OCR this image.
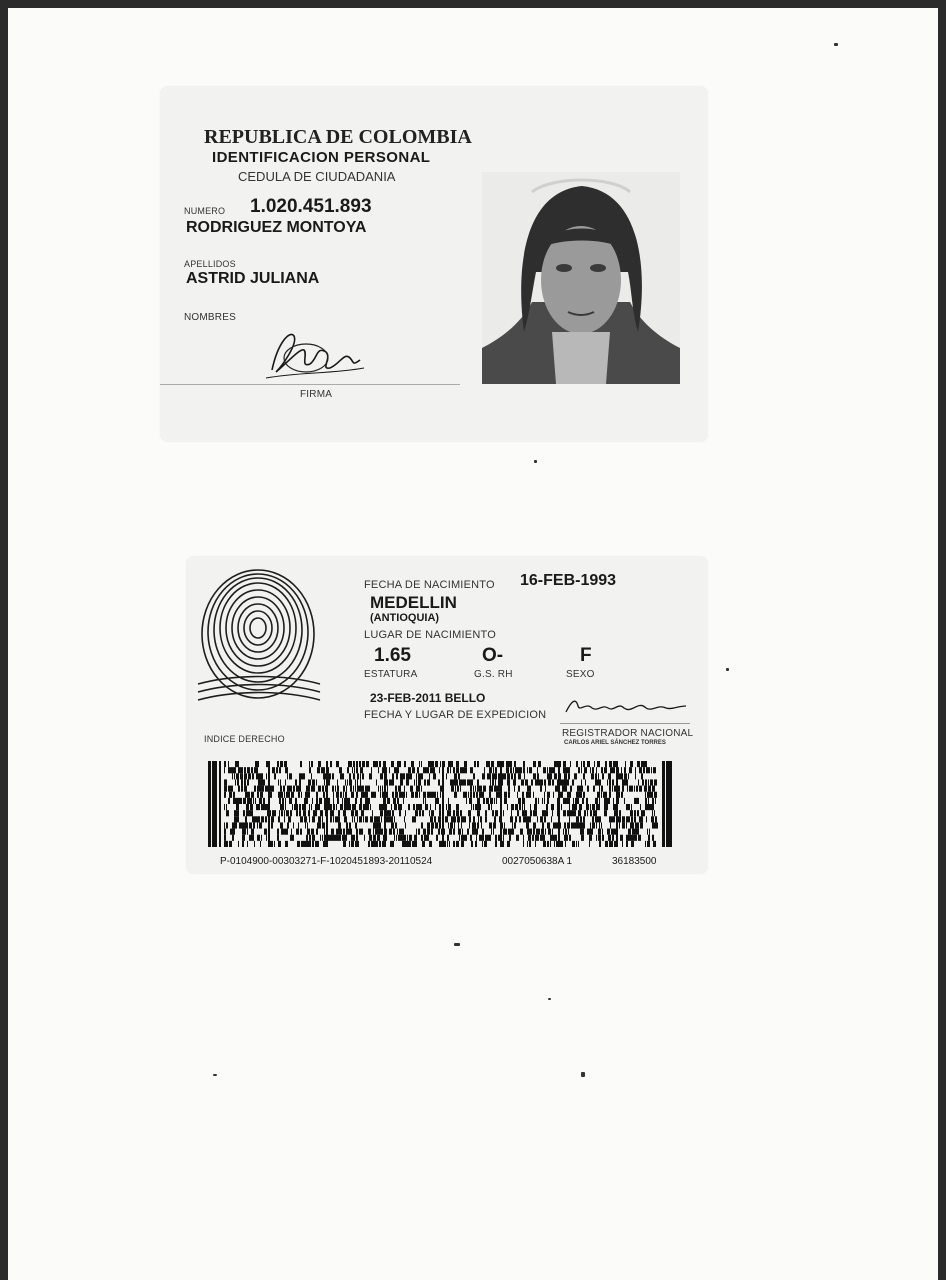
REPUBLICA DE COLOMBIA
IDENTIFICACION PERSONAL
CEDULA DE CIUDADANIA
NUMERO 1.020.451.893
RODRIGUEZ MONTOYA
APELLIDOS
ASTRID JULIANA
NOMBRES
FIRMA
FECHA DE NACIMIENTO 16-FEB-1993
MEDELLIN
(ANTIOQUIA)
LUGAR DE NACIMIENTO
1.65
ESTATURA
O-
G.S. RH
F
SEXO
23-FEB-2011 BELLO
FECHA Y LUGAR DE EXPEDICION
REGISTRADOR NACIONAL
CARLOS ARIEL SÁNCHEZ TORRES
INDICE DERECHO
P-0104900-00303271-F-1020451893-20110524	0027050638A 1	36183500
